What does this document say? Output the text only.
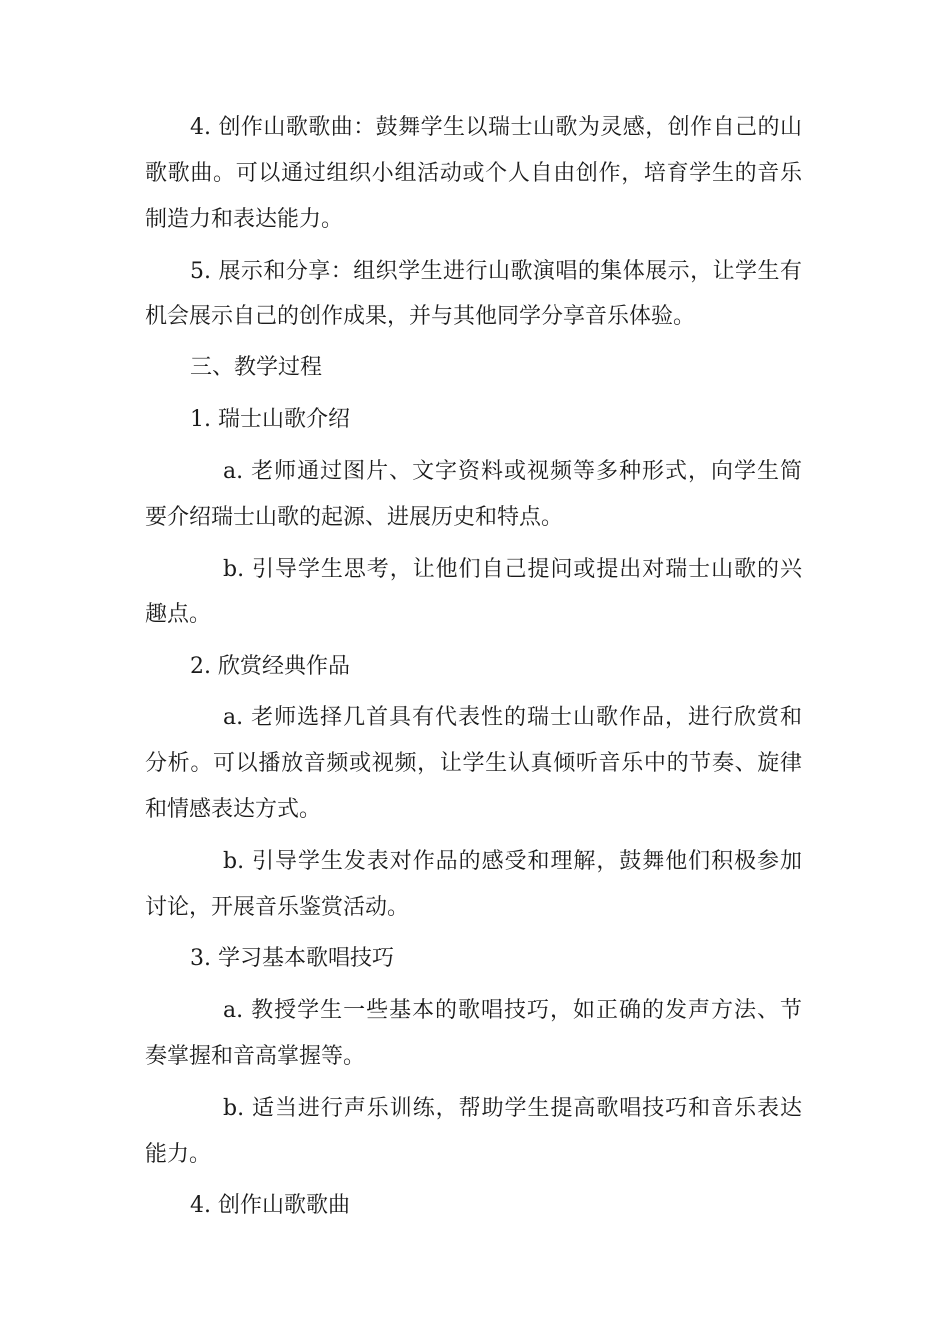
4. 创作山歌歌曲：鼓舞学生以瑞士山歌为灵感，创作自己的山
歌歌曲。可以通过组织小组活动或个人自由创作，培育学生的音乐
制造力和表达能力。
5. 展示和分享：组织学生进行山歌演唱的集体展示，让学生有
机会展示自己的创作成果，并与其他同学分享音乐体验。
三、教学过程
1. 瑞士山歌介绍
a. 老师通过图片、文字资料或视频等多种形式，向学生简
要介绍瑞士山歌的起源、进展历史和特点。
b. 引导学生思考，让他们自己提问或提出对瑞士山歌的兴
趣点。
2. 欣赏经典作品
a. 老师选择几首具有代表性的瑞士山歌作品，进行欣赏和
分析。可以播放音频或视频，让学生认真倾听音乐中的节奏、旋律
和情感表达方式。
b. 引导学生发表对作品的感受和理解，鼓舞他们积极参加
讨论，开展音乐鉴赏活动。
3. 学习基本歌唱技巧
a. 教授学生一些基本的歌唱技巧，如正确的发声方法、节
奏掌握和音高掌握等。
b. 适当进行声乐训练，帮助学生提高歌唱技巧和音乐表达
能力。
4. 创作山歌歌曲
